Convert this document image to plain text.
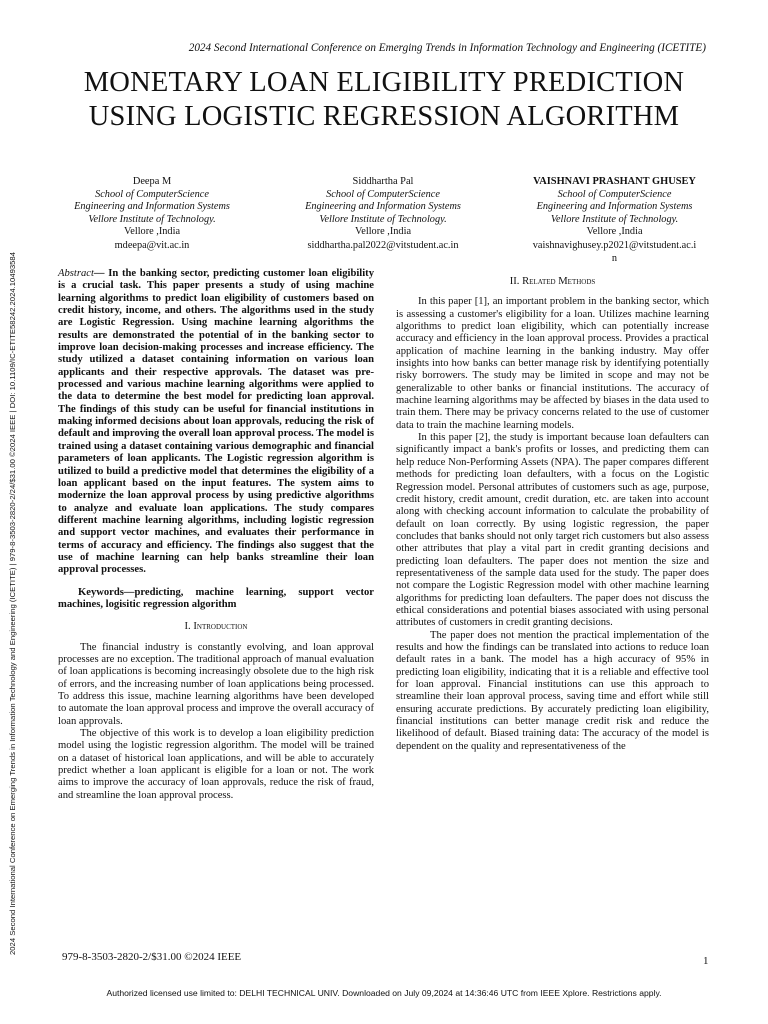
2024 Second International Conference on Emerging Trends in Information Technology and Engineering (ICETITE)
MONETARY LOAN ELIGIBILITY PREDICTION
USING LOGISTIC REGRESSION ALGORITHM
2024 Second International Conference on Emerging Trends in Information Technology and Engineering (ICETITE) | 979-8-3503-2820-2/24/$31.00 ©2024 IEEE | DOI: 10.1109/IC-ETITE58242.2024.10493584
Deepa M
School of ComputerScience
Engineering and Information Systems
Vellore Institute of Technology.
Vellore ,India
mdeepa@vit.ac.in
Siddhartha Pal
School of ComputerScience
Engineering and Information Systems
Vellore Institute of Technology.
Vellore ,India
siddhartha.pal2022@vitstudent.ac.in
VAISHNAVI PRASHANT GHUSEY
School of ComputerScience
Engineering and Information Systems
Vellore Institute of Technology.
Vellore ,India
vaishnavighusey.p2021@vitstudent.ac.i
n

Abstract— In the banking sector, predicting customer loan eligibility is a crucial task. This paper presents a study of using machine learning algorithms to predict loan eligibility of customers based on credit history, income, and others. The algorithms used in the study are Logistic Regression. Using machine learning algorithms the results are demonstrated the potential of in the banking sector to improve loan decision-making processes and increase efficiency. The study utilized a dataset containing information on various loan applicants and their respective approvals. The dataset was pre-processed and various machine learning algorithms were applied to the data to determine the best model for predicting loan approval. The findings of this study can be useful for financial institutions in making informed decisions about loan approvals, reducing the risk of default and improving the overall loan approval process. The model is trained using a dataset containing various demographic and financial parameters of loan applicants. The Logistic regression algorithm is utilized to build a predictive model that determines the eligibility of a loan applicant based on the input features. The system aims to modernize the loan approval process by using predictive algorithms to analyze and evaluate loan applications. The study compares different machine learning algorithms, including logistic regression and support vector machines, and evaluates their performance in terms of accuracy and efficiency. The findings also suggest that the use of machine learning can help banks streamline their loan approval processes.

Keywords—predicting, machine learning, support vector machines, logisitic regression algorithm

I. Introduction

The financial industry is constantly evolving, and loan approval processes are no exception. The traditional approach of manual evaluation of loan applications is becoming increasingly obsolete due to the high risk of errors, and the increasing number of loan applications being processed. To address this issue, machine learning algorithms have been developed to automate the loan approval process and improve the overall accuracy of loan approvals.

The objective of this work is to develop a loan eligibility prediction model using the logistic regression algorithm. The model will be trained on a dataset of historical loan applications, and will be able to accurately predict whether a loan applicant is eligible for a loan or not. The work aims to improve the accuracy of loan approvals, reduce the risk of fraud, and streamline the loan approval process.

II. Related Methods

In this paper [1], an important problem in the banking sector, which is assessing a customer's eligibility for a loan. Utilizes machine learning algorithms to predict loan eligibility, which can potentially increase accuracy and efficiency in the loan approval process. Provides a practical application of machine learning in the banking industry. May offer insights into how banks can better manage risk by identifying potentially risky borrowers. The study may be limited in scope and may not be generalizable to other banks or financial institutions. The accuracy of machine learning algorithms may be affected by biases in the data used to train them. There may be privacy concerns related to the use of customer data to train the machine learning models.

In this paper [2], the study is important because loan defaulters can significantly impact a bank's profits or losses, and predicting them can help reduce Non-Performing Assets (NPA). The paper compares different methods for predicting loan defaulters, with a focus on the Logistic Regression model. Personal attributes of customers such as age, purpose, credit history, credit amount, credit duration, etc. are taken into account along with checking account information to calculate the probability of default on loan correctly. By using logistic regression, the paper concludes that banks should not only target rich customers but also assess other attributes that play a vital part in credit granting decisions and predicting loan defaulters. The paper does not mention the size and representativeness of the sample data used for the study. The paper does not compare the Logistic Regression model with other machine learning algorithms for predicting loan defaulters. The paper does not discuss the ethical considerations and potential biases associated with using personal attributes of customers in credit granting decisions.

The paper does not mention the practical implementation of the results and how the findings can be translated into actions to reduce loan default rates in a bank. The model has a high accuracy of 95% in predicting loan eligibility, indicating that it is a reliable and effective tool for loan approval. Financial institutions can use this approach to streamline their loan approval process, saving time and effort while still ensuring accurate predictions. By accurately predicting loan eligibility, financial institutions can better manage credit risk and reduce the likelihood of default. Biased training data: The accuracy of the model is dependent on the quality and representativeness of the

979-8-3503-2820-2/$31.00 ©2024 IEEE	1
Authorized licensed use limited to: DELHI TECHNICAL UNIV. Downloaded on July 09,2024 at 14:36:46 UTC from IEEE Xplore. Restrictions apply.
